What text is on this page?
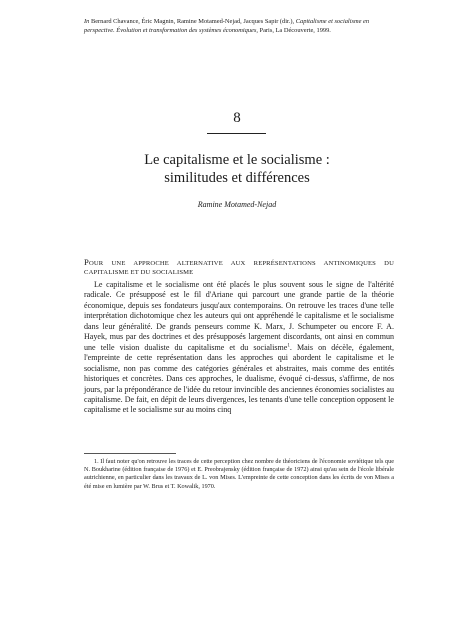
In Bernard Chavance, Éric Magnin, Ramine Motamed-Nejad, Jacques Sapir (dir.), Capitalisme et socialisme en perspective. Évolution et transformation des systèmes économiques, Paris, La Découverte, 1999.
8
Le capitalisme et le socialisme :
similitudes et différences
Ramine Motamed-Nejad
POUR UNE APPROCHE ALTERNATIVE AUX REPRÉSENTATIONS ANTINOMIQUES DU CAPITALISME ET DU SOCIALISME

Le capitalisme et le socialisme ont été placés le plus souvent sous le signe de l'altérité radicale. Ce présupposé est le fil d'Ariane qui parcourt une grande partie de la théorie économique, depuis ses fondateurs jusqu'aux contemporains. On retrouve les traces d'une telle interprétation dichotomique chez les auteurs qui ont appréhendé le capitalisme et le socialisme dans leur généralité. De grands penseurs comme K. Marx, J. Schumpeter ou encore F. A. Hayek, mus par des doctrines et des présupposés largement discordants, ont ainsi en commun une telle vision dualiste du capitalisme et du socialisme$^1$. Mais on décèle, également, l'empreinte de cette représentation dans les approches qui abordent le capitalisme et le socialisme, non pas comme des catégories générales et abstraites, mais comme des entités historiques et concrètes. Dans ces approches, le dualisme, évoqué ci-dessus, s'affirme, de nos jours, par la prépondérance de l'idée du retour invincible des anciennes économies socialistes au capitalisme. De fait, en dépit de leurs divergences, les tenants d'une telle conception opposent le capitalisme et le socialisme sur au moins cinq

1. Il faut noter qu'on retrouve les traces de cette perception chez nombre de théoriciens de l'économie soviétique tels que N. Boukharine (édition française de 1976) et E. Preobrajensky (édition française de 1972) ainsi qu'au sein de l'école libérale autrichienne, en particulier dans les travaux de L. von Mises. L'empreinte de cette conception dans les écrits de von Mises a été mise en lumière par W. Brus et T. Kowalik, 1970.
